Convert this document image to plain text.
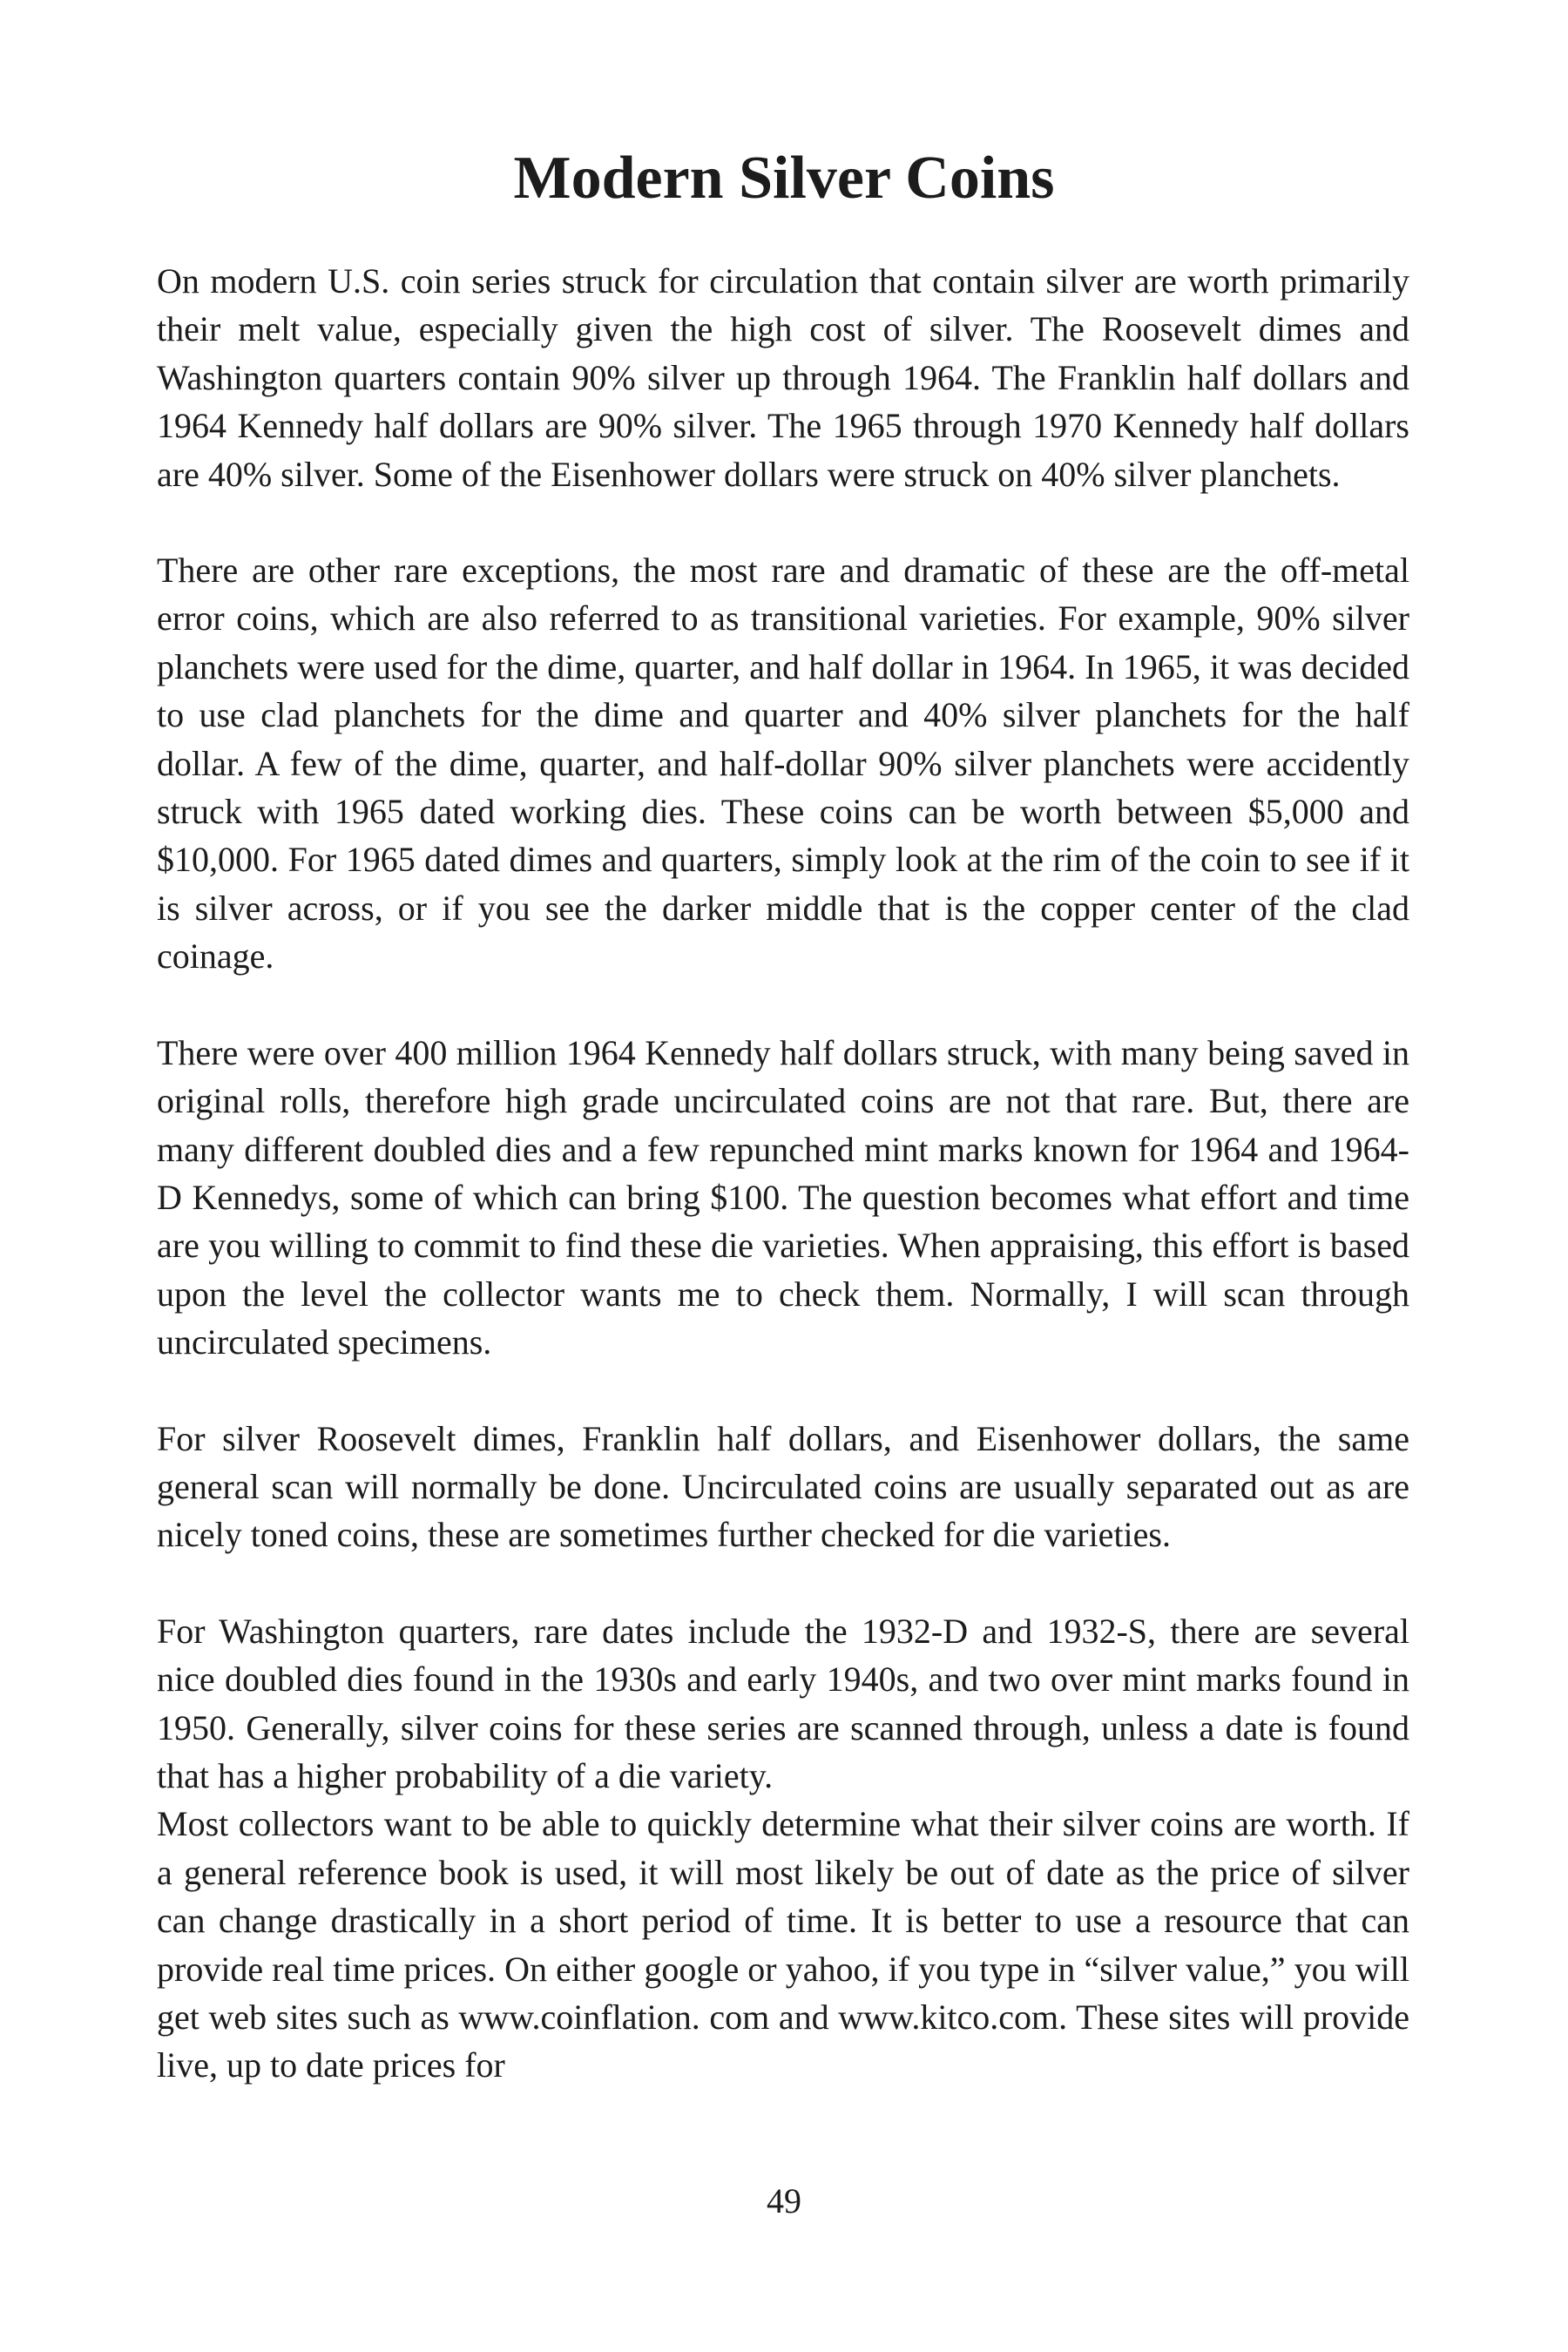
Modern Silver Coins

On modern U.S. coin series struck for circulation that contain silver are worth primarily their melt value, especially given the high cost of silver. The Roosevelt dimes and Washington quarters contain 90% silver up through 1964. The Franklin half dollars and 1964 Kennedy half dollars are 90% silver. The 1965 through 1970 Kennedy half dollars are 40% silver. Some of the Eisenhower dollars were struck on 40% silver planchets.

There are other rare exceptions, the most rare and dramatic of these are the off-metal error coins, which are also referred to as transitional varieties. For example, 90% silver planchets were used for the dime, quarter, and half dollar in 1964. In 1965, it was decided to use clad planchets for the dime and quarter and 40% silver planchets for the half dollar. A few of the dime, quarter, and half-dollar 90% silver planchets were accidently struck with 1965 dated working dies. These coins can be worth between $5,000 and $10,000. For 1965 dated dimes and quarters, simply look at the rim of the coin to see if it is silver across, or if you see the darker middle that is the copper center of the clad coinage.

There were over 400 million 1964 Kennedy half dollars struck, with many being saved in original rolls, therefore high grade uncirculated coins are not that rare. But, there are many different doubled dies and a few repunched mint marks known for 1964 and 1964-D Kennedys, some of which can bring $100. The question becomes what effort and time are you willing to commit to find these die varieties. When appraising, this effort is based upon the level the collector wants me to check them. Normally, I will scan through uncirculated specimens.

For silver Roosevelt dimes, Franklin half dollars, and Eisenhower dollars, the same general scan will normally be done. Uncirculated coins are usually separated out as are nicely toned coins, these are sometimes further checked for die varieties.

For Washington quarters, rare dates include the 1932-D and 1932-S, there are several nice doubled dies found in the 1930s and early 1940s, and two over mint marks found in 1950. Generally, silver coins for these series are scanned through, unless a date is found that has a higher probability of a die variety.

Most collectors want to be able to quickly determine what their silver coins are worth. If a general reference book is used, it will most likely be out of date as the price of silver can change drastically in a short period of time. It is better to use a resource that can provide real time prices. On either google or yahoo, if you type in “silver value,” you will get web sites such as www.coinflation. com and www.kitco.com. These sites will provide live, up to date prices for

49
